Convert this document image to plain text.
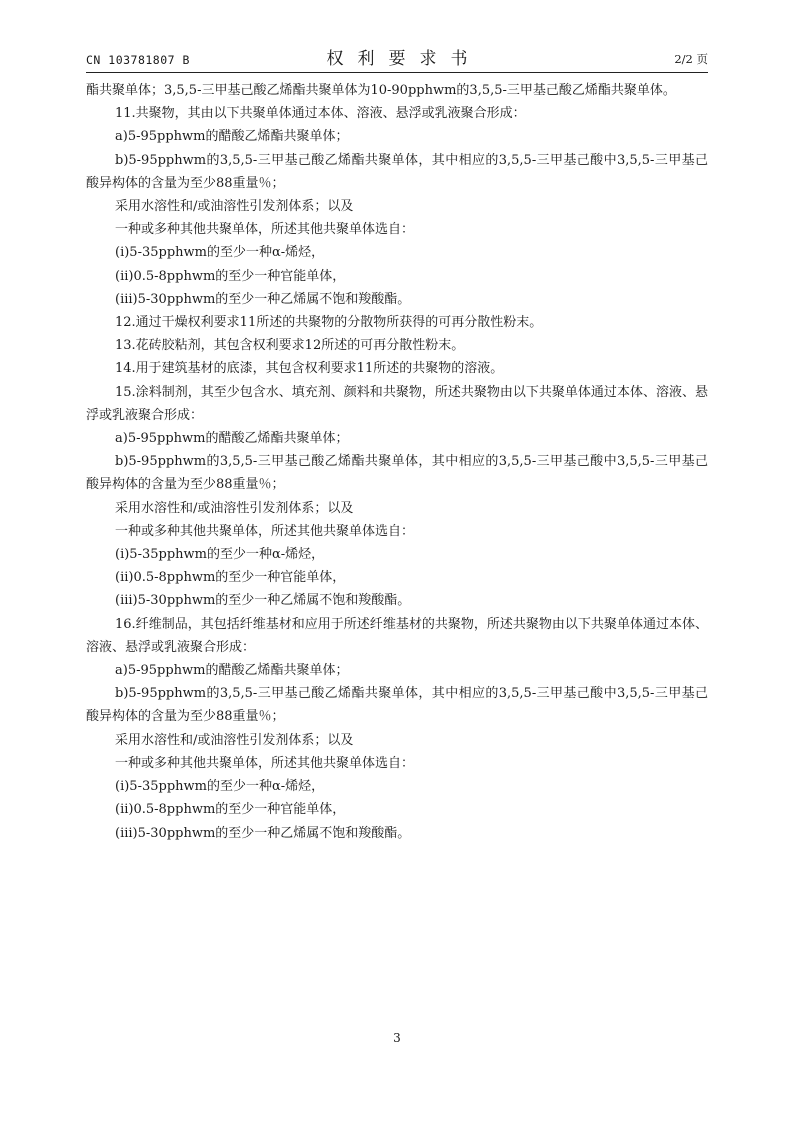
CN 103781807 B	权利要求书	2/2 页

酯共聚单体；3,5,5-三甲基己酸乙烯酯共聚单体为10-90pphwm的3,5,5-三甲基己酸乙烯酯共聚单体。

11.共聚物，其由以下共聚单体通过本体、溶液、悬浮或乳液聚合形成：

a)5-95pphwm的醋酸乙烯酯共聚单体；

b)5-95pphwm的3,5,5-三甲基己酸乙烯酯共聚单体，其中相应的3,5,5-三甲基己酸中3,5,5-三甲基己酸异构体的含量为至少88重量％；

采用水溶性和/或油溶性引发剂体系；以及

一种或多种其他共聚单体，所述其他共聚单体选自：

(i)5-35pphwm的至少一种α-烯烃，

(ii)0.5-8pphwm的至少一种官能单体，

(iii)5-30pphwm的至少一种乙烯属不饱和羧酸酯。

12.通过干燥权利要求11所述的共聚物的分散物所获得的可再分散性粉末。

13.花砖胶粘剂，其包含权利要求12所述的可再分散性粉末。

14.用于建筑基材的底漆，其包含权利要求11所述的共聚物的溶液。

15.涂料制剂，其至少包含水、填充剂、颜料和共聚物，所述共聚物由以下共聚单体通过本体、溶液、悬浮或乳液聚合形成：

a)5-95pphwm的醋酸乙烯酯共聚单体；

b)5-95pphwm的3,5,5-三甲基己酸乙烯酯共聚单体，其中相应的3,5,5-三甲基己酸中3,5,5-三甲基己酸异构体的含量为至少88重量％；

采用水溶性和/或油溶性引发剂体系；以及

一种或多种其他共聚单体，所述其他共聚单体选自：

(i)5-35pphwm的至少一种α-烯烃，

(ii)0.5-8pphwm的至少一种官能单体，

(iii)5-30pphwm的至少一种乙烯属不饱和羧酸酯。

16.纤维制品，其包括纤维基材和应用于所述纤维基材的共聚物，所述共聚物由以下共聚单体通过本体、溶液、悬浮或乳液聚合形成：

a)5-95pphwm的醋酸乙烯酯共聚单体；

b)5-95pphwm的3,5,5-三甲基己酸乙烯酯共聚单体，其中相应的3,5,5-三甲基己酸中3,5,5-三甲基己酸异构体的含量为至少88重量％；

采用水溶性和/或油溶性引发剂体系；以及

一种或多种其他共聚单体，所述其他共聚单体选自：

(i)5-35pphwm的至少一种α-烯烃，

(ii)0.5-8pphwm的至少一种官能单体，

(iii)5-30pphwm的至少一种乙烯属不饱和羧酸酯。

3
